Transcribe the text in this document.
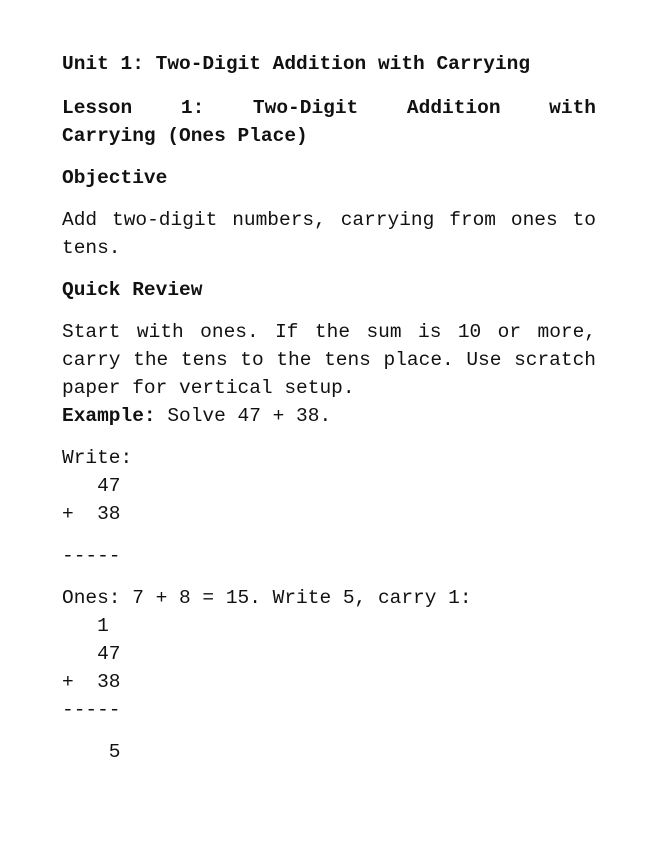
Unit 1: Two-Digit Addition with Carrying

Lesson 1: Two-Digit Addition with

Carrying (Ones Place)

Objective

Add two-digit numbers, carrying from ones to tens.

Quick Review

Start with ones. If the sum is 10 or more, carry the tens to the tens place. Use scratch paper for vertical setup.

Example: Solve 47 + 38.

Write:

47
+  38
-----
Ones: 7 + 8 = 15. Write 5, carry 1:
1
47
+  38
-----
5
